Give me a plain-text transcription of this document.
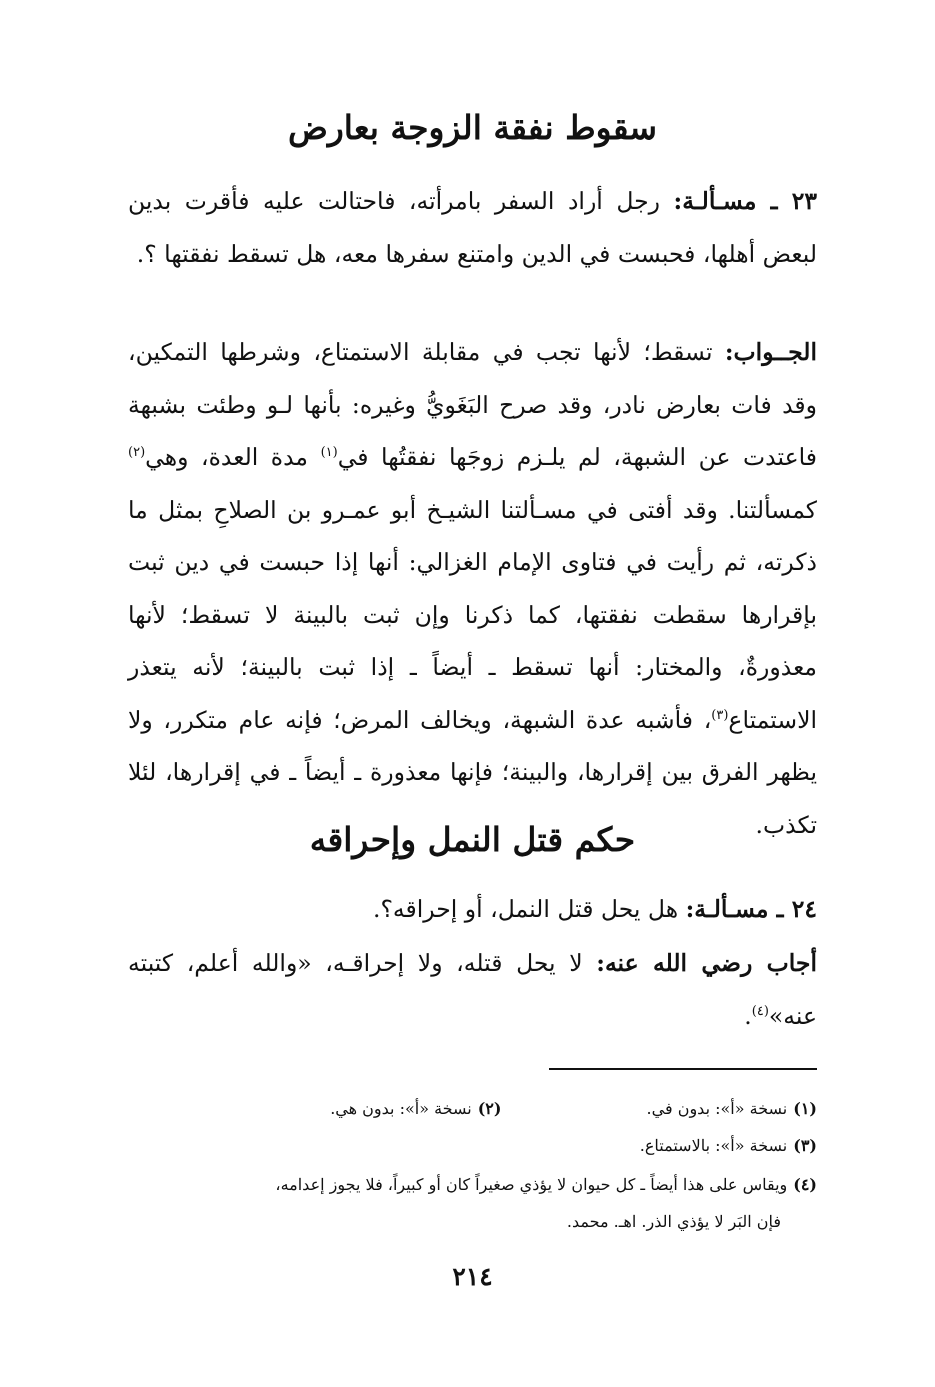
سقوط نفقة الزوجة بعارض

٢٣ ـ مسـألـة: رجل أراد السفر بامرأته، فاحتالت عليه فأقرت بدين لبعض أهلها، فحبست في الدين وامتنع سفرها معه، هل تسقط نفقتها ؟.

الجــواب: تسقط؛ لأنها تجب في مقابلة الاستمتاع، وشرطها التمكين، وقد فات بعارض نادر، وقد صرح البَغَويُّ وغيره: بأنها لـو وطئت بشبهة فاعتدت عن الشبهة، لم يلـزم زوجَها نفقتُها في$^{(١)}$ مدة العدة، وهي$^{(٢)}$ كمسألتنا. وقد أفتى في مسـألتنا الشيـخ أبو عمـرو بن الصلاحِ بمثل ما ذكرته، ثم رأيت في فتاوى الإمام الغزالي: أنها إذا حبست في دين ثبت بإقرارها سقطت نفقتها، كما ذكرنا وإن ثبت بالبينة لا تسقط؛ لأنها معذورةٌ، والمختار: أنها تسقط ـ أيضاً ـ إذا ثبت بالبينة؛ لأنه يتعذر الاستمتاع$^{(٣)}$، فأشبه عدة الشبهة، ويخالف المرض؛ فإنه عام متكرر، ولا يظهر الفرق بين إقرارها، والبينة؛ فإنها معذورة ـ أيضاً ـ في إقرارها، لئلا تكذب.

حكم قتل النمل وإحراقه

٢٤ ـ مسـألـة: هل يحل قتل النمل، أو إحراقه؟.

أجاب رضي الله عنه: لا يحل قتله، ولا إحراقـه، «والله أعلم، كتبته عنه»$^{(٤)}$.

(١)نسخة «أ»: بدون في. (٢)نسخة «أ»: بدون هي.

(٣)نسخة «أ»: بالاستمتاع.

(٤)ويقاس على هذا أيضاً ـ كل حيوان لا يؤذي صغيراً كان أو كبيراً، فلا يجوز إعدامه،
فإن البَر لا يؤذي الذر. اهـ. محمد.

٢١٤
